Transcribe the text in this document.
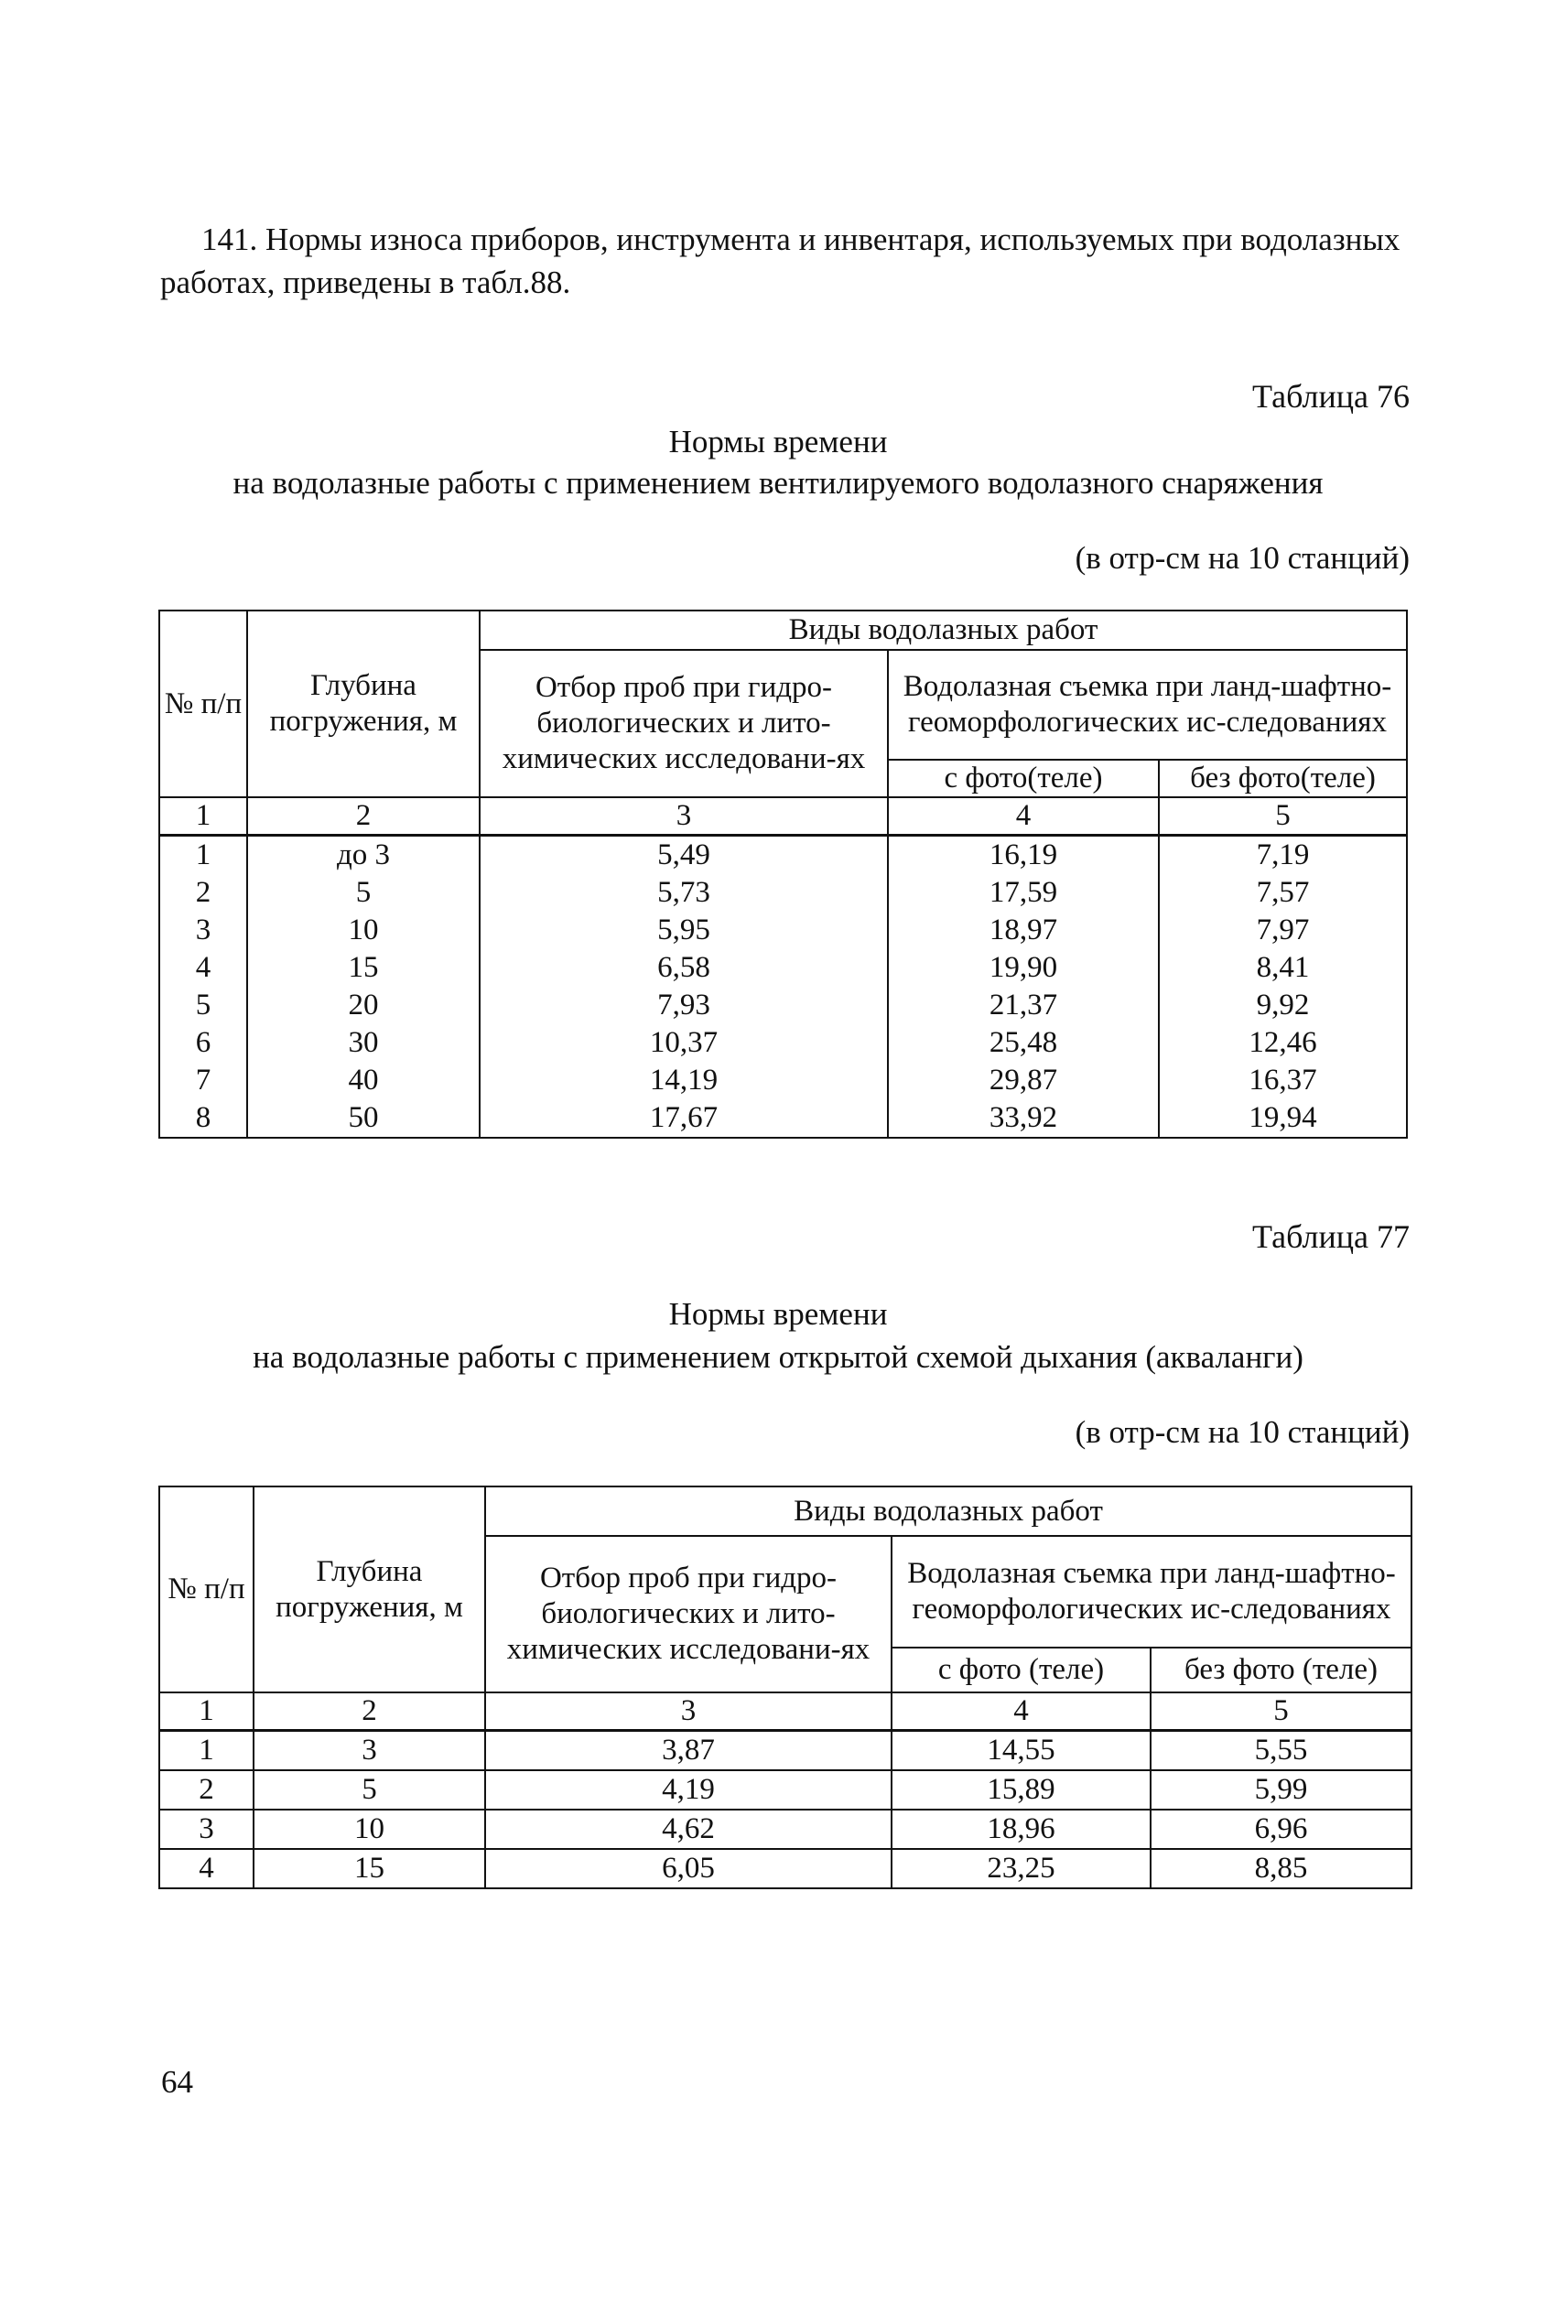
141. Нормы износа приборов, инструмента и инвентаря, используемых при водолазных работах, приведены в табл.88.

Таблица 76

Нормы времени

на водолазные работы с применением вентилируемого водолазного снаряжения

(в отр-см на 10 станций)

№ п/п	Глубина погружения, м	Виды водолазных работ		
		Отбор проб при гидро-биологических и лито-химических исследовани-ях	Водолазная съемка при ланд-шафтно-геоморфологических ис-следованиях	
			с фото(теле)	без фото(теле)
1	2	3	4	5
1	до 3	5,49	16,19	7,19
2	5	5,73	17,59	7,57
3	10	5,95	18,97	7,97
4	15	6,58	19,90	8,41
5	20	7,93	21,37	9,92
6	30	10,37	25,48	12,46
7	40	14,19	29,87	16,37
8	50	17,67	33,92	19,94

Таблица 77

Нормы времени

на водолазные работы с применением открытой схемой дыхания (акваланги)

(в отр-см на 10 станций)

№ п/п	Глубина погружения, м	Виды водолазных работ		
		Отбор проб при гидро-биологических и лито-химических исследовани-ях	Водолазная съемка при ланд-шафтно-геоморфологических ис-следованиях	
			с фото (теле)	без фото (теле)
1	2	3	4	5
1	3	3,87	14,55	5,55
2	5	4,19	15,89	5,99
3	10	4,62	18,96	6,96
4	15	6,05	23,25	8,85

64
